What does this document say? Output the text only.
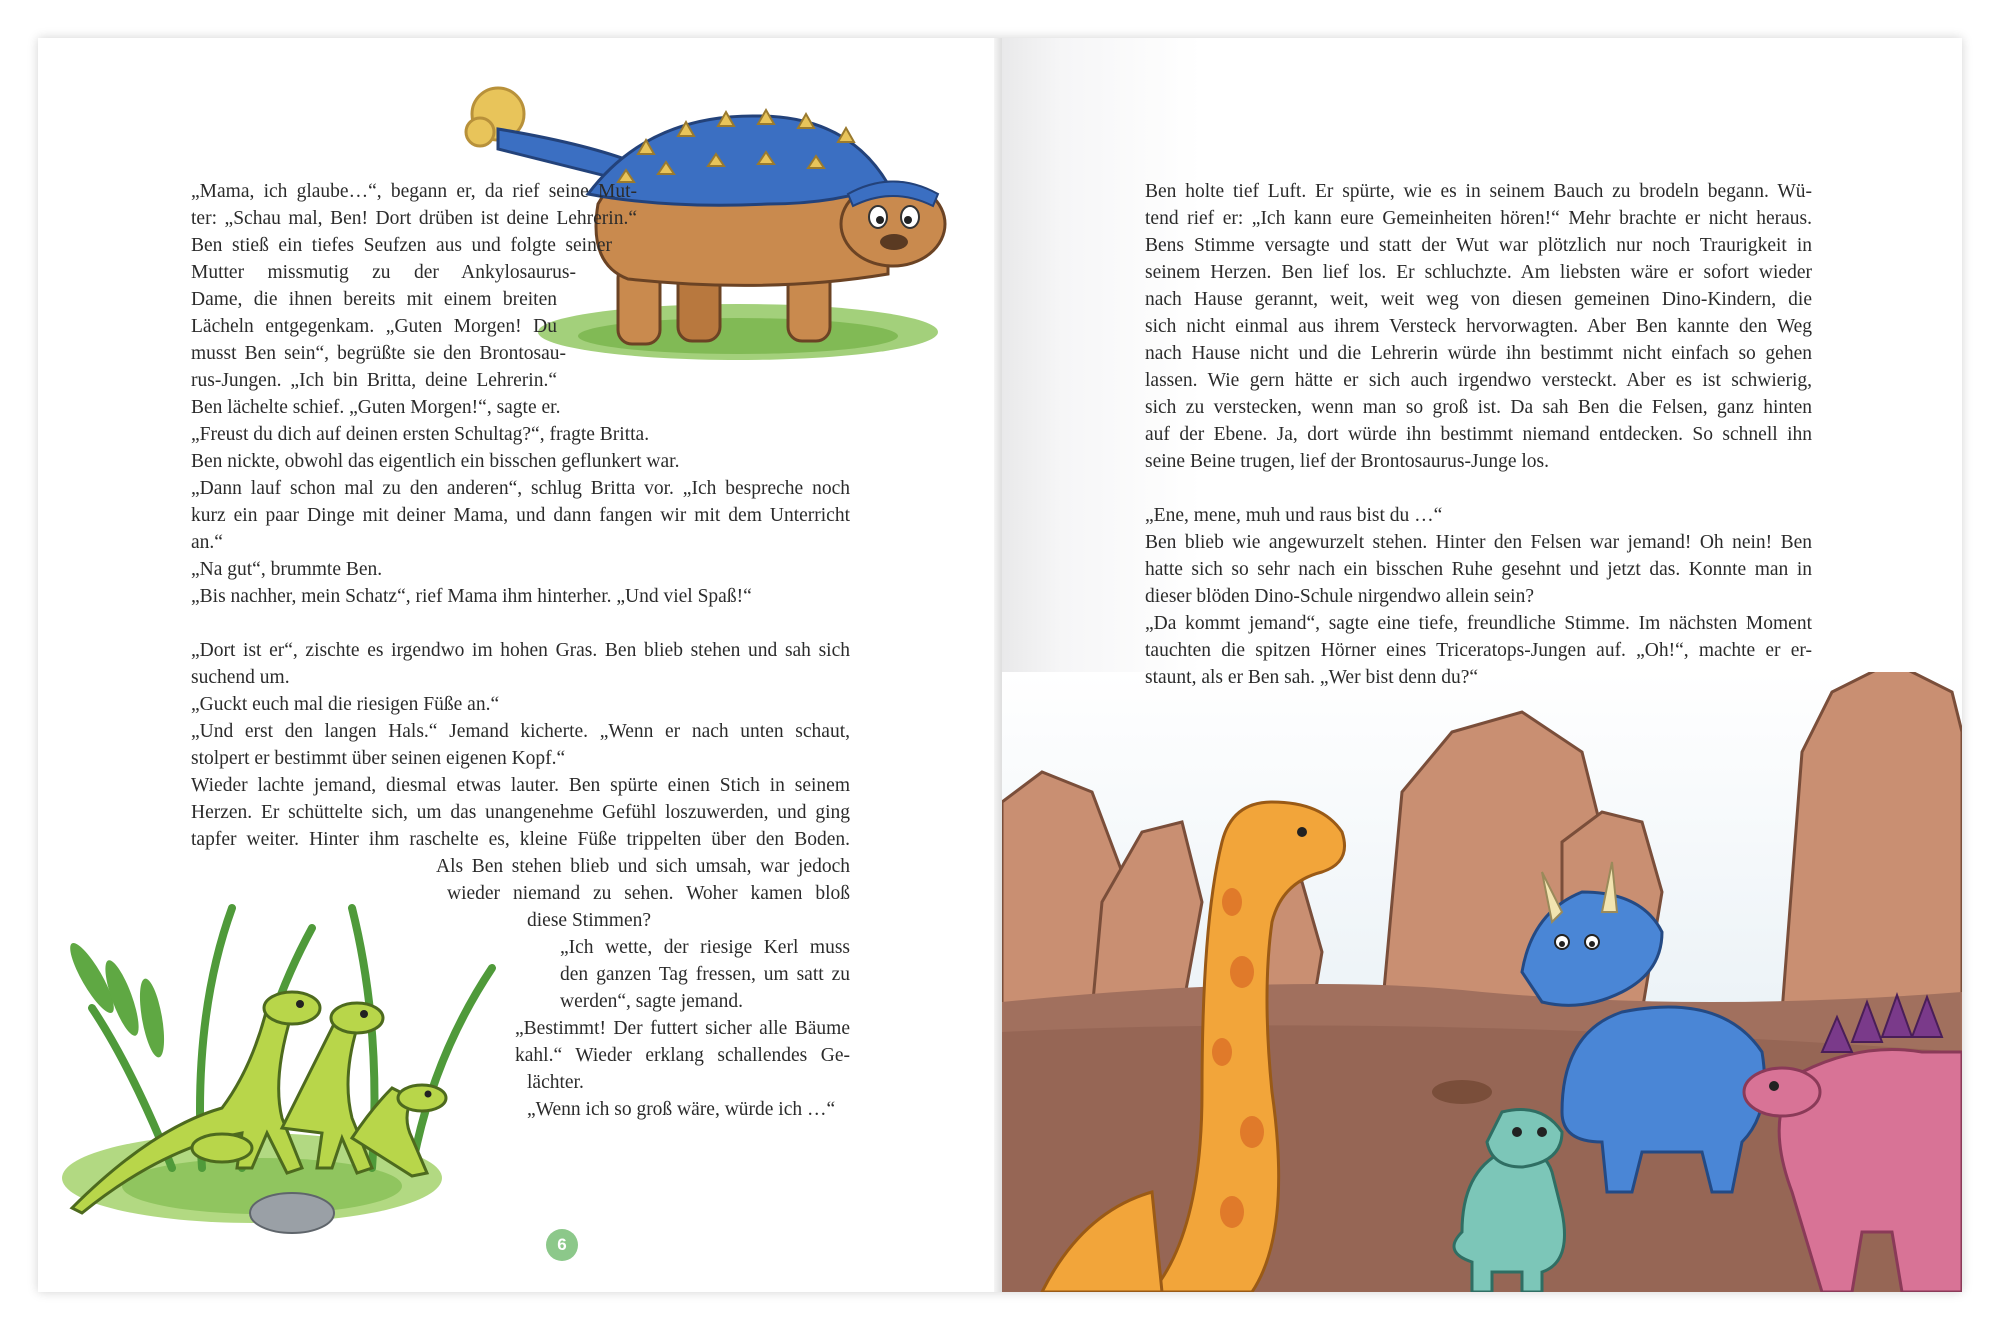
„Mama, ich glaube…“, begann er, da rief seine Mut-
ter: „Schau mal, Ben! Dort drüben ist deine Lehrerin.“
Ben stieß ein tiefes Seufzen aus und folgte seiner
Mutter missmutig zu der Ankylosaurus-
Dame, die ihnen bereits mit einem breiten
Lächeln entgegenkam. „Guten Morgen! Du
musst Ben sein“, begrüßte sie den Brontosau-
rus-Jungen. „Ich bin Britta, deine Lehrerin.“
Ben lächelte schief. „Guten Morgen!“, sagte er.
„Freust du dich auf deinen ersten Schultag?“, fragte Britta.
Ben nickte, obwohl das eigentlich ein bisschen geflunkert war.
„Dann lauf schon mal zu den anderen“, schlug Britta vor. „Ich bespreche noch
kurz ein paar Dinge mit deiner Mama, und dann fangen wir mit dem Unterricht
an.“
„Na gut“, brummte Ben.
„Bis nachher, mein Schatz“, rief Mama ihm hinterher. „Und viel Spaß!“
„Dort ist er“, zischte es irgendwo im hohen Gras. Ben blieb stehen und sah sich
suchend um.
„Guckt euch mal die riesigen Füße an.“
„Und erst den langen Hals.“ Jemand kicherte. „Wenn er nach unten schaut,
stolpert er bestimmt über seinen eigenen Kopf.“
Wieder lachte jemand, diesmal etwas lauter. Ben spürte einen Stich in seinem
Herzen. Er schüttelte sich, um das unangenehme Gefühl loszuwerden, und ging
tapfer weiter. Hinter ihm raschelte es, kleine Füße trippelten über den Boden.
Als Ben stehen blieb und sich umsah, war jedoch
wieder niemand zu sehen. Woher kamen bloß
diese Stimmen?
„Ich wette, der riesige Kerl muss
den ganzen Tag fressen, um satt zu
werden“, sagte jemand.
„Bestimmt! Der futtert sicher alle Bäume
kahl.“ Wieder erklang schallendes Ge-
lächter.
„Wenn ich so groß wäre, würde ich …“
6
Ben holte tief Luft. Er spürte, wie es in seinem Bauch zu brodeln begann. Wü-
tend rief er: „Ich kann eure Gemeinheiten hören!“ Mehr brachte er nicht heraus.
Bens Stimme versagte und statt der Wut war plötzlich nur noch Traurigkeit in
seinem Herzen. Ben lief los. Er schluchzte. Am liebsten wäre er sofort wieder
nach Hause gerannt, weit, weit weg von diesen gemeinen Dino-Kindern, die
sich nicht einmal aus ihrem Versteck hervorwagten. Aber Ben kannte den Weg
nach Hause nicht und die Lehrerin würde ihn bestimmt nicht einfach so gehen
lassen. Wie gern hätte er sich auch irgendwo versteckt. Aber es ist schwierig,
sich zu verstecken, wenn man so groß ist. Da sah Ben die Felsen, ganz hinten
auf der Ebene. Ja, dort würde ihn bestimmt niemand entdecken. So schnell ihn
seine Beine trugen, lief der Brontosaurus-Junge los.
„Ene, mene, muh und raus bist du …“
Ben blieb wie angewurzelt stehen. Hinter den Felsen war jemand! Oh nein! Ben
hatte sich so sehr nach ein bisschen Ruhe gesehnt und jetzt das. Konnte man in
dieser blöden Dino-Schule nirgendwo allein sein?
„Da kommt jemand“, sagte eine tiefe, freundliche Stimme. Im nächsten Moment
tauchten die spitzen Hörner eines Triceratops-Jungen auf. „Oh!“, machte er er-
staunt, als er Ben sah. „Wer bist denn du?“
